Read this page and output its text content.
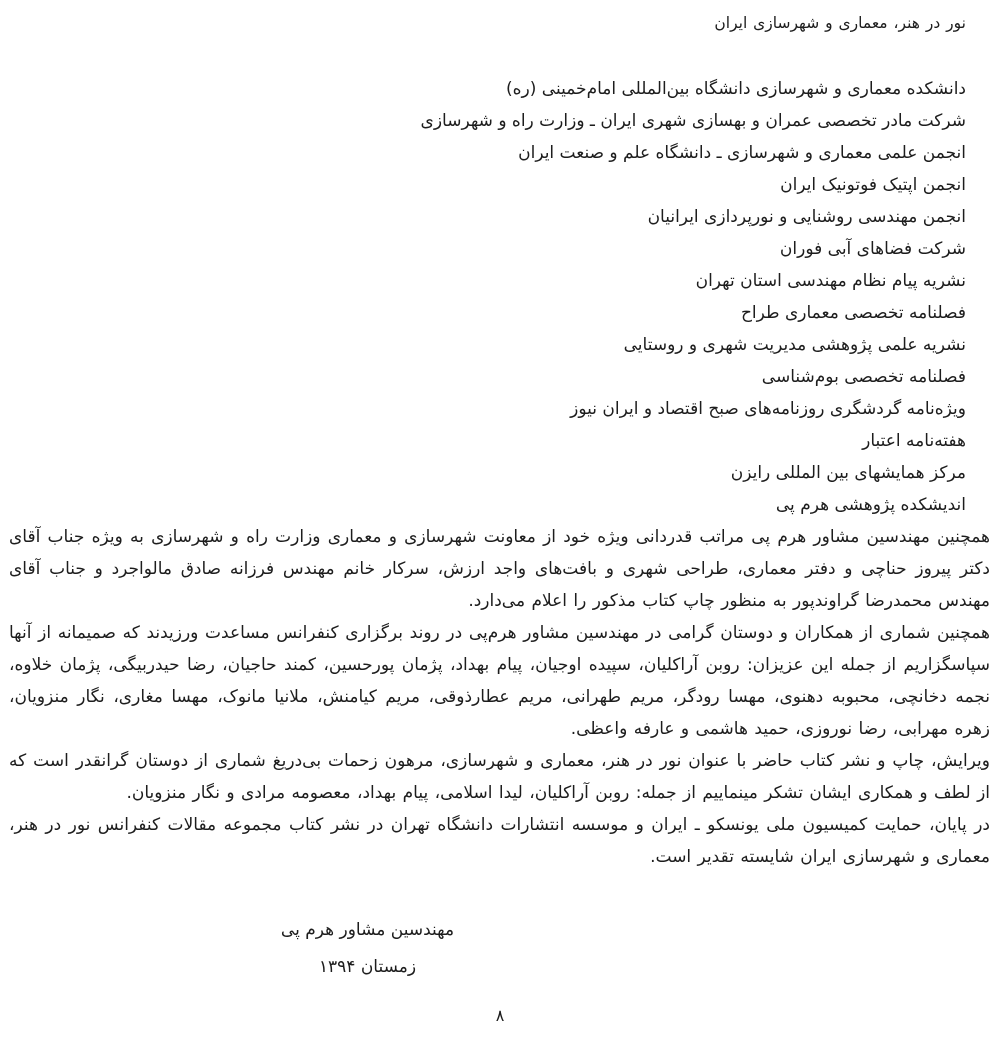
نور در هنر، معماری و شهرسازی ایران
دانشکده معماری و شهرسازی دانشگاه بین‌المللی امام‌خمینی (ره)
شرکت مادر تخصصی عمران و بهسازی شهری ایران ـ وزارت راه و شهرسازی
انجمن علمی معماری و شهرسازی ـ دانشگاه علم و صنعت ایران
انجمن اپتیک فوتونیک ایران
انجمن مهندسی روشنایی و نورپردازی ایرانیان
شرکت فضاهای آبی فوران
نشریه پیام نظام مهندسی استان تهران
فصلنامه تخصصی معماری طراح
نشریه علمی پژوهشی مدیریت شهری و روستایی
فصلنامه تخصصی بوم‌شناسی
ویژه‌نامه گردشگری روزنامه‌های صبح اقتصاد و ایران نیوز
هفته‌نامه اعتبار
مرکز همایشهای بین المللی رایزن
اندیشکده پژوهشی هرم پی

همچنین مهندسین مشاور هرم پی مراتب قدردانی ویژه خود از معاونت شهرسازی و معماری وزارت راه و شهرسازی به ویژه جناب آقای دکتر پیروز حناچی و دفتر معماری، طراحی شهری و بافت‌های واجد ارزش، سرکار خانم مهندس فرزانه صادق مالواجرد و جناب آقای مهندس محمدرضا گراوندپور به منظور چاپ کتاب مذکور را اعلام می‌دارد.

همچنین شماری از همکاران و دوستان گرامی در مهندسین مشاور هرم‌پی در روند برگزاری کنفرانس مساعدت ورزیدند که صمیمانه از آنها سپاسگزاریم از جمله این عزیزان: روبن آراکلیان، سپیده اوجیان، پیام بهداد، پژمان پورحسین، کمند حاجیان، رضا حیدربیگی، پژمان خلاوه، نجمه دخانچی، محبوبه دهنوی، مهسا رودگر، مریم طهرانی، مریم عطارذوقی، مریم کیامنش، ملانیا مانوک، مهسا مغاری، نگار منزویان، زهره مهرابی، رضا نوروزی، حمید هاشمی و عارفه واعظی.

ویرایش، چاپ و نشر کتاب حاضر با عنوان نور در هنر، معماری و شهرسازی، مرهون زحمات بی‌دریغ شماری از دوستان گرانقدر است که از لطف و همکاری ایشان تشکر مینماییم از جمله: روبن آراکلیان، لیدا اسلامی، پیام بهداد، معصومه مرادی و نگار منزویان.

در پایان، حمایت کمیسیون ملی یونسکو ـ ایران و موسسه انتشارات دانشگاه تهران در نشر کتاب مجموعه مقالات کنفرانس نور در هنر، معماری و شهرسازی ایران شایسته تقدیر است.

مهندسین مشاور هرم پی
زمستان ۱۳۹۴
۸
